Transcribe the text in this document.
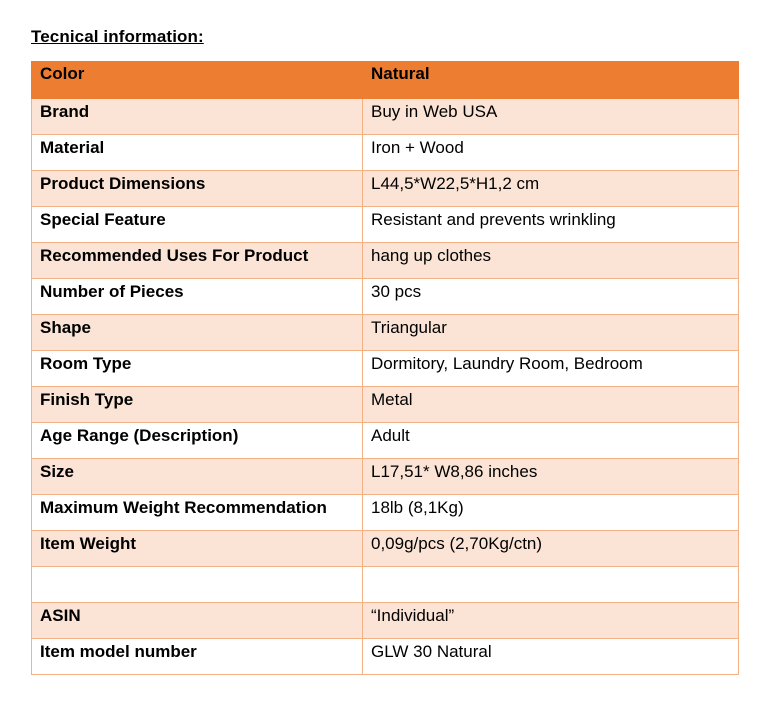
Tecnical information:
Color	Natural
Brand	Buy in Web USA
Material	Iron + Wood
Product Dimensions	L44,5*W22,5*H1,2 cm
Special Feature	Resistant and prevents wrinkling
Recommended Uses For Product	hang up clothes
Number of Pieces	30 pcs
Shape	Triangular
Room Type	Dormitory, Laundry Room, Bedroom
Finish Type	Metal
Age Range (Description)	Adult
Size	L17,51* W8,86 inches
Maximum Weight Recommendation	18lb (8,1Kg)
Item Weight	0,09g/pcs (2,70Kg/ctn)

ASIN	“Individual”
Item model number	GLW 30 Natural
